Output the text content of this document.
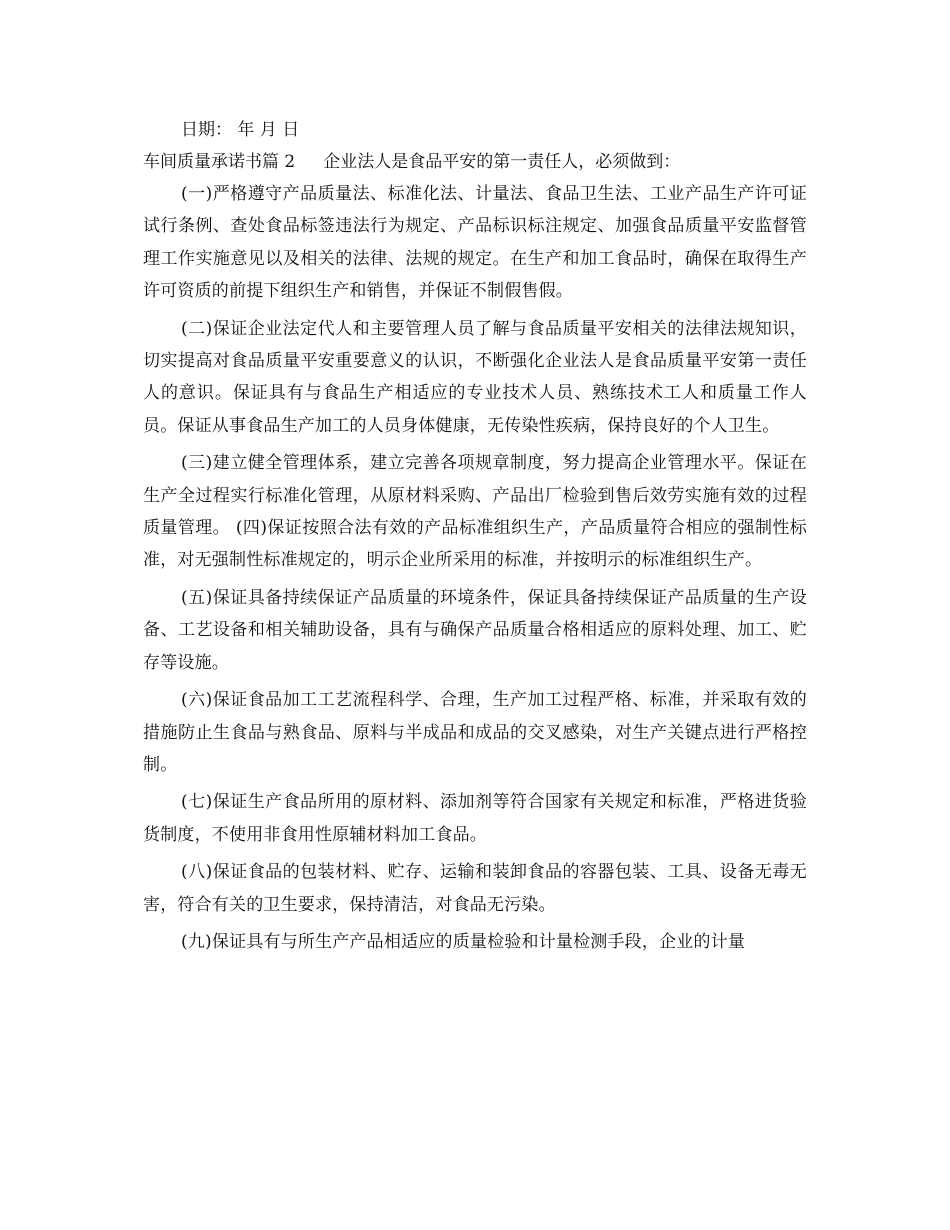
日期： 年 月 日
车间质量承诺书篇 2 企业法人是食品平安的第一责任人，必须做到：

(一)严格遵守产品质量法、标准化法、计量法、食品卫生法、工业产品生产许可证试行条例、查处食品标签违法行为规定、产品标识标注规定、加强食品质量平安监督管理工作实施意见以及相关的法律、法规的规定。在生产和加工食品时，确保在取得生产许可资质的前提下组织生产和销售，并保证不制假售假。

(二)保证企业法定代人和主要管理人员了解与食品质量平安相关的法律法规知识，切实提高对食品质量平安重要意义的认识，不断强化企业法人是食品质量平安第一责任人的意识。保证具有与食品生产相适应的专业技术人员、熟练技术工人和质量工作人员。保证从事食品生产加工的人员身体健康，无传染性疾病，保持良好的个人卫生。

(三)建立健全管理体系，建立完善各项规章制度，努力提高企业管理水平。保证在生产全过程实行标准化管理，从原材料采购、产品出厂检验到售后效劳实施有效的过程质量管理。 (四)保证按照合法有效的产品标准组织生产，产品质量符合相应的强制性标准，对无强制性标准规定的，明示企业所采用的标准，并按明示的标准组织生产。

(五)保证具备持续保证产品质量的环境条件，保证具备持续保证产品质量的生产设备、工艺设备和相关辅助设备，具有与确保产品质量合格相适应的原料处理、加工、贮存等设施。

(六)保证食品加工工艺流程科学、合理，生产加工过程严格、标准，并采取有效的措施防止生食品与熟食品、原料与半成品和成品的交叉感染，对生产关键点进行严格控制。

(七)保证生产食品所用的原材料、添加剂等符合国家有关规定和标准，严格进货验货制度，不使用非食用性原辅材料加工食品。

(八)保证食品的包装材料、贮存、运输和装卸食品的容器包装、工具、设备无毒无害，符合有关的卫生要求，保持清洁，对食品无污染。

(九)保证具有与所生产产品相适应的质量检验和计量检测手段，企业的计量
